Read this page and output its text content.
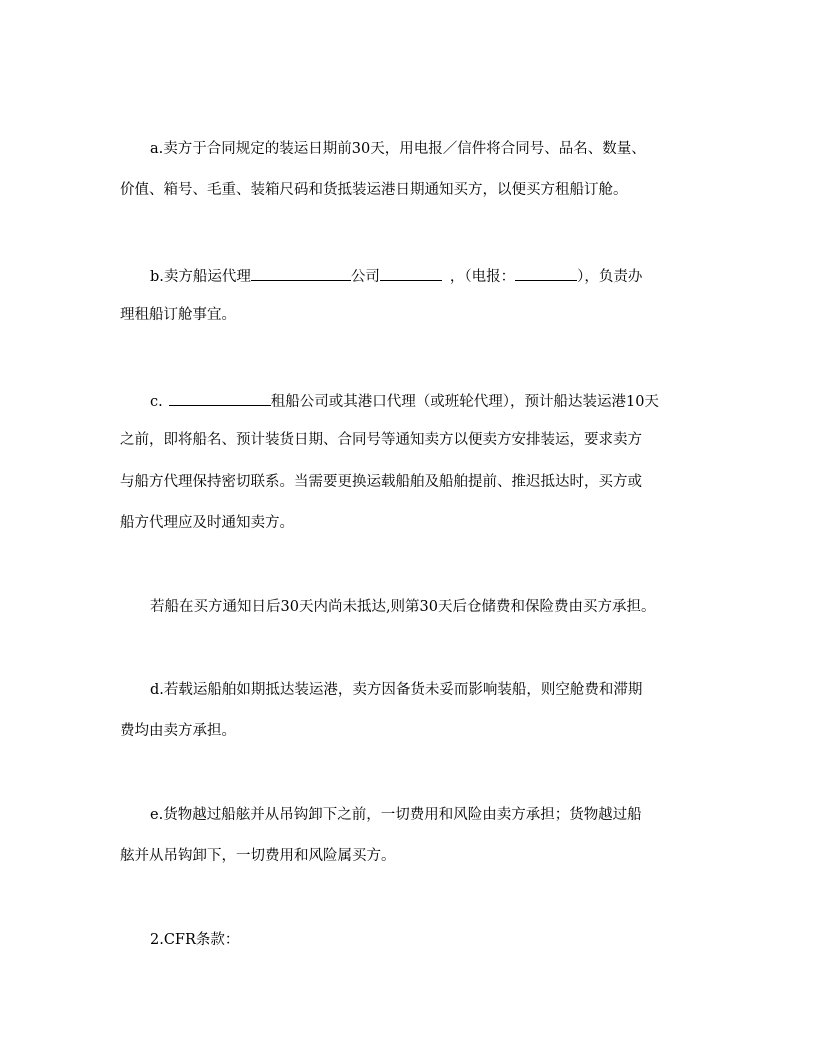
a.卖方于合同规定的装运日期前30天，用电报／信件将合同号、品名、数量、
价值、箱号、毛重、装箱尺码和货抵装运港日期通知买方，以便买方租船订舱。
b.卖方船运代理	公司	，（电报：	），负责办
理租船订舱事宜。
c.	租船公司或其港口代理（或班轮代理），预计船达装运港10天
之前，即将船名、预计装货日期、合同号等通知卖方以便卖方安排装运，要求卖方
与船方代理保持密切联系。当需要更换运载船舶及船舶提前、推迟抵达时，买方或
船方代理应及时通知卖方。
若船在买方通知日后30天内尚未抵达,则第30天后仓储费和保险费由买方承担。
d.若载运船舶如期抵达装运港，卖方因备货未妥而影响装船，则空舱费和滞期
费均由卖方承担。
e.货物越过船舷并从吊钩卸下之前，一切费用和风险由卖方承担；货物越过船
舷并从吊钩卸下，一切费用和风险属买方。
2.CFR条款：
